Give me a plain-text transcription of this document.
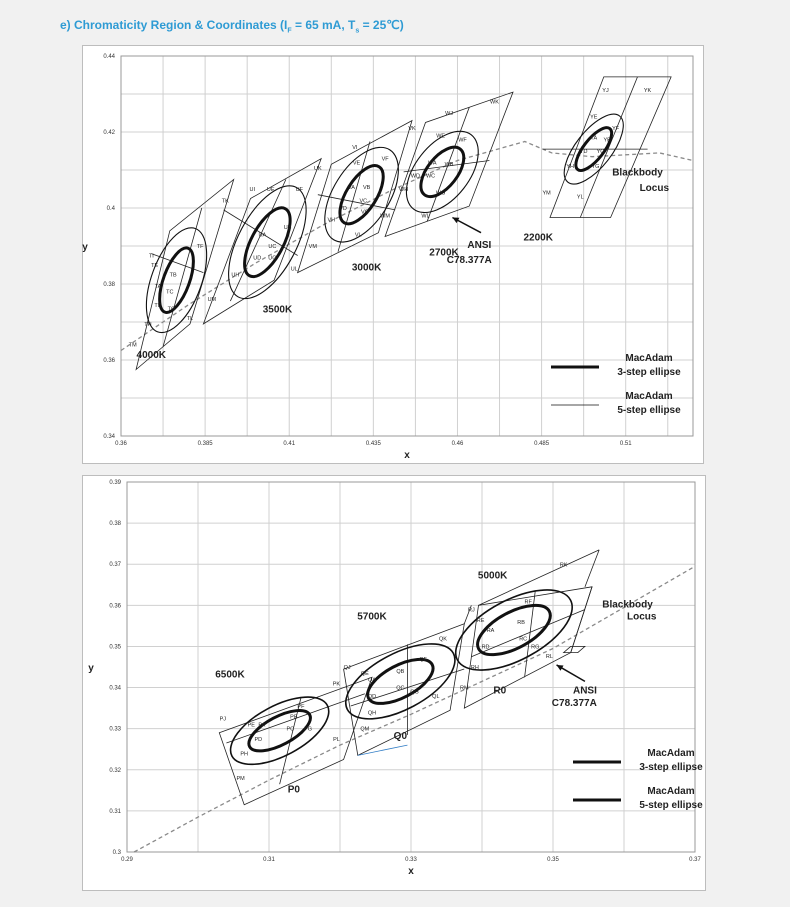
e) Chromaticity Region & Coordinates ($I_F = 65$ mA, $T_s$ = 25℃)
0.36	0.385	0.41	0.435	0.46	0.485	0.51
0.44
0.42
0.4
0.38
0.36
0.34
x
y
TI
TE
TF
TB
TA
TC
TD
TG
TH
TL
TM
TK
UI UE	UF
UB
UA
UC
UD UG
UH
UL
UM
UK
VI
VE
VF
VA VB
VC
VD
VG
VH
VL
VM
VK
WJ
WE
WF
WA WB
WD WC
WH
WG
WM	WL
WK
YJ	YK
YE
YF
YA YB
YD YC
YH	YG
YM
YL
4000K
3500K
3000K
2700K
2200K
ANSI
C78.377A
Blackbody
Locus
MacAdam
3-step ellipse
MacAdam
5-step ellipse
0.29	0.31	0.33	0.35	0.37
0.39
0.38
0.37
0.36
0.35
0.34
0.33
0.32
0.31
0.3
x
y
PJ
PE
PF
PB
PA
PC PG
PD
PH
PL
PM
PK
QJ
QE
QF
QB
QA
QC
QG
QD
QH
QL
QM
QK
RJ
RE
RF
RB
RA
RC
RG
RD
RH
RL
RM
RK
6500K
5700K
5000K
P0
Q0
R0	ANSI
C78.377A
Blackbody
Locus
MacAdam
3-step ellipse
MacAdam
5-step ellipse
